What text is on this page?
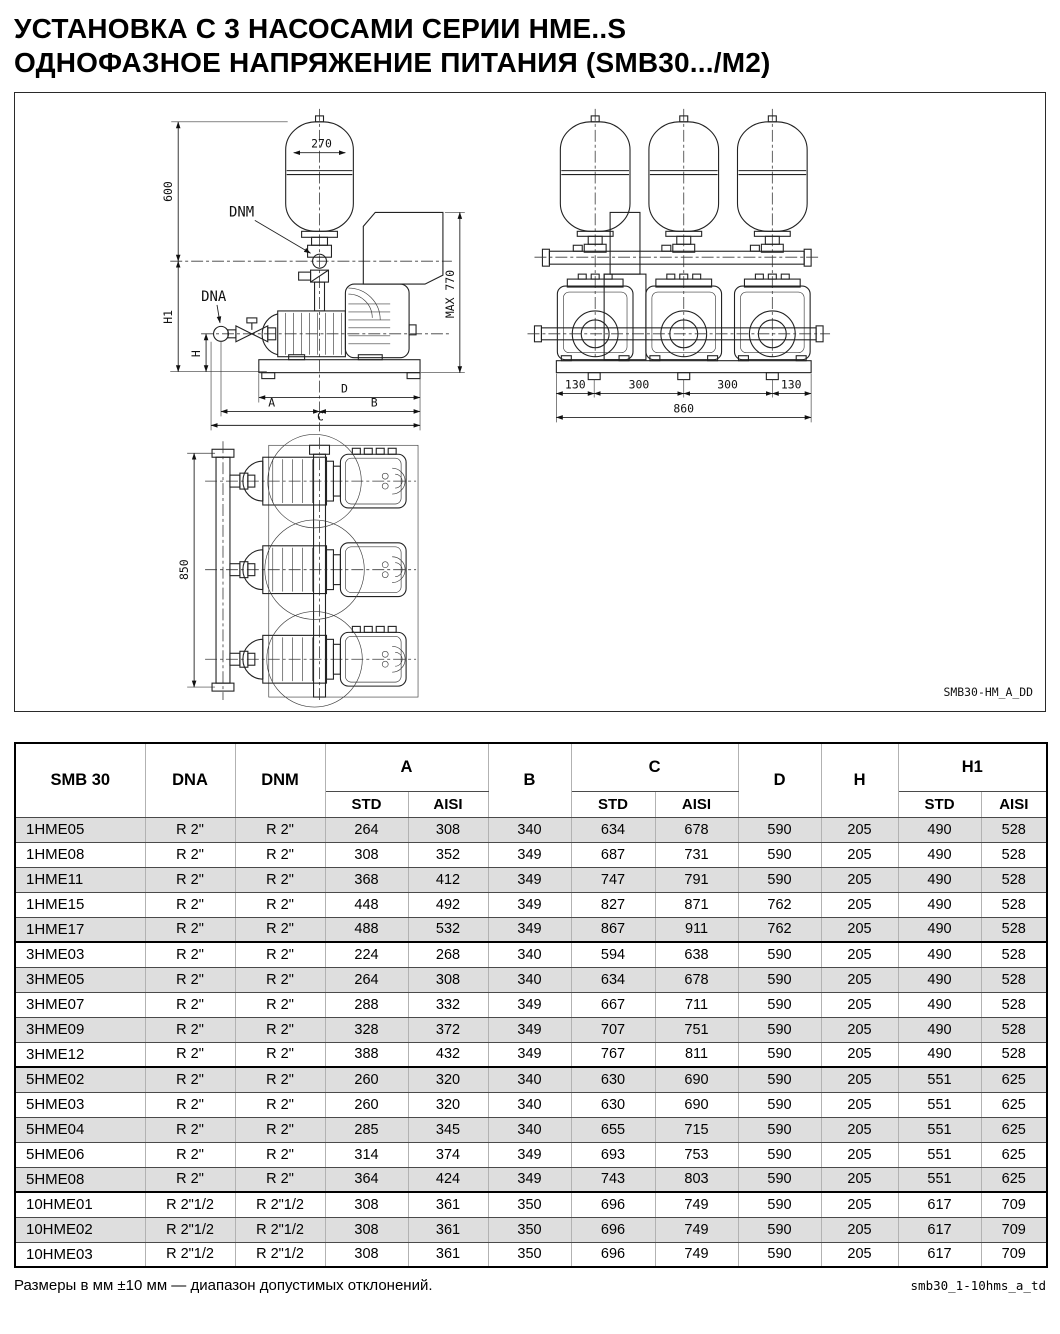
УСТАНОВКА С 3 НАСОСАМИ СЕРИИ HME..S
ОДНОФАЗНОЕ НАПРЯЖЕНИЕ ПИТАНИЯ (SMB30.../M2)
270
600
H1
H
DNM
DNA	MAX 770
D
A	B
C
130	300	300	130
860
850
SMB30-HM_A_DD
SMB 30	DNA	DNM	A		B	C		D	H	H1	
			STD	AISI		STD	AISI			STD	AISI
1HME05	R 2"	R 2"	264	308	340	634	678	590	205	490	528
1HME08	R 2"	R 2"	308	352	349	687	731	590	205	490	528
1HME11	R 2"	R 2"	368	412	349	747	791	590	205	490	528
1HME15	R 2"	R 2"	448	492	349	827	871	762	205	490	528
1HME17	R 2"	R 2"	488	532	349	867	911	762	205	490	528
3HME03	R 2"	R 2"	224	268	340	594	638	590	205	490	528
3HME05	R 2"	R 2"	264	308	340	634	678	590	205	490	528
3HME07	R 2"	R 2"	288	332	349	667	711	590	205	490	528
3HME09	R 2"	R 2"	328	372	349	707	751	590	205	490	528
3HME12	R 2"	R 2"	388	432	349	767	811	590	205	490	528
5HME02	R 2"	R 2"	260	320	340	630	690	590	205	551	625
5HME03	R 2"	R 2"	260	320	340	630	690	590	205	551	625
5HME04	R 2"	R 2"	285	345	340	655	715	590	205	551	625
5HME06	R 2"	R 2"	314	374	349	693	753	590	205	551	625
5HME08	R 2"	R 2"	364	424	349	743	803	590	205	551	625
10HME01	R 2"1/2	R 2"1/2	308	361	350	696	749	590	205	617	709
10HME02	R 2"1/2	R 2"1/2	308	361	350	696	749	590	205	617	709
10HME03	R 2"1/2	R 2"1/2	308	361	350	696	749	590	205	617	709
Размеры в мм ±10 мм — диапазон допустимых отклонений.	smb30_1-10hms_a_td
